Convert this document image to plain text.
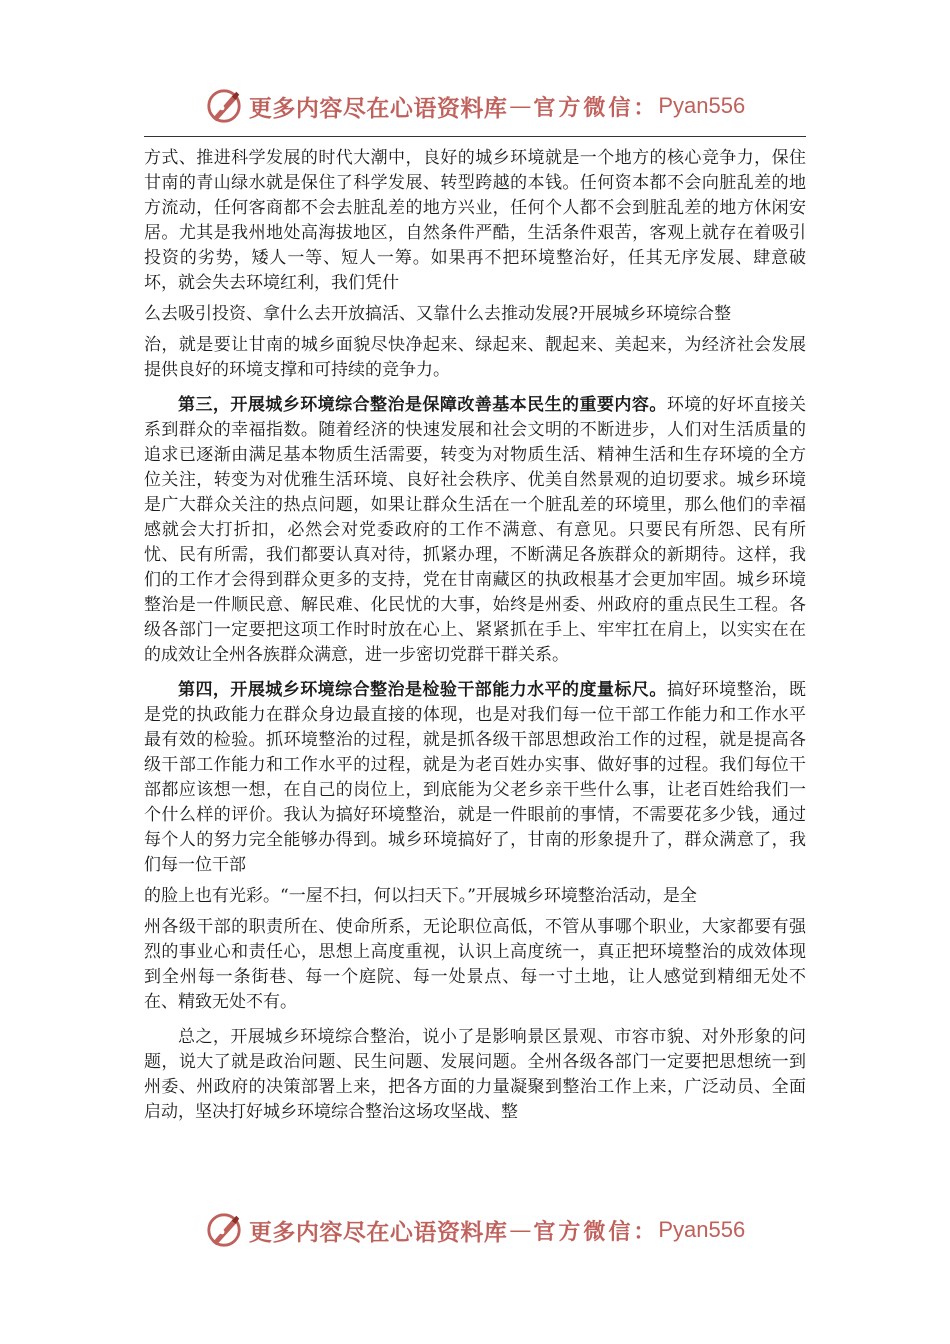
更多内容尽在心语资料库 — 官方微信： Pyan556

方式、推进科学发展的时代大潮中，良好的城乡环境就是一个地方的核心竞争力，保住甘南的青山绿水就是保住了科学发展、转型跨越的本钱。任何资本都不会向脏乱差的地方流动，任何客商都不会去脏乱差的地方兴业，任何个人都不会到脏乱差的地方休闲安居。尤其是我州地处高海拔地区，自然条件严酷，生活条件艰苦，客观上就存在着吸引投资的劣势，矮人一等、短人一筹。如果再不把环境整治好，任其无序发展、肆意破坏，就会失去环境红利，我们凭什

么去吸引投资、拿什么去开放搞活、又靠什么去推动发展?开展城乡环境综合整

治，就是要让甘南的城乡面貌尽快净起来、绿起来、靓起来、美起来，为经济社会发展提供良好的环境支撑和可持续的竞争力。

第三，开展城乡环境综合整治是保障改善基本民生的重要内容。环境的好坏直接关系到群众的幸福指数。随着经济的快速发展和社会文明的不断进步，人们对生活质量的追求已逐渐由满足基本物质生活需要，转变为对物质生活、精神生活和生存环境的全方位关注，转变为对优雅生活环境、良好社会秩序、优美自然景观的迫切要求。城乡环境是广大群众关注的热点问题，如果让群众生活在一个脏乱差的环境里，那么他们的幸福感就会大打折扣，必然会对党委政府的工作不满意、有意见。只要民有所怨、民有所忧、民有所需，我们都要认真对待，抓紧办理，不断满足各族群众的新期待。这样，我们的工作才会得到群众更多的支持，党在甘南藏区的执政根基才会更加牢固。城乡环境整治是一件顺民意、解民难、化民忧的大事，始终是州委、州政府的重点民生工程。各级各部门一定要把这项工作时时放在心上、紧紧抓在手上、牢牢扛在肩上，以实实在在的成效让全州各族群众满意，进一步密切党群干群关系。

第四，开展城乡环境综合整治是检验干部能力水平的度量标尺。搞好环境整治，既是党的执政能力在群众身边最直接的体现，也是对我们每一位干部工作能力和工作水平最有效的检验。抓环境整治的过程，就是抓各级干部思想政治工作的过程，就是提高各级干部工作能力和工作水平的过程，就是为老百姓办实事、做好事的过程。我们每位干部都应该想一想，在自己的岗位上，到底能为父老乡亲干些什么事，让老百姓给我们一个什么样的评价。我认为搞好环境整治，就是一件眼前的事情，不需要花多少钱，通过每个人的努力完全能够办得到。城乡环境搞好了，甘南的形象提升了，群众满意了，我们每一位干部

的脸上也有光彩。“一屋不扫，何以扫天下。”开展城乡环境整治活动，是全

州各级干部的职责所在、使命所系，无论职位高低，不管从事哪个职业，大家都要有强烈的事业心和责任心，思想上高度重视，认识上高度统一，真正把环境整治的成效体现到全州每一条街巷、每一个庭院、每一处景点、每一寸土地，让人感觉到精细无处不在、精致无处不有。

总之，开展城乡环境综合整治，说小了是影响景区景观、市容市貌、对外形象的问题，说大了就是政治问题、民生问题、发展问题。全州各级各部门一定要把思想统一到州委、州政府的决策部署上来，把各方面的力量凝聚到整治工作上来，广泛动员、全面启动，坚决打好城乡环境综合整治这场攻坚战、整

更多内容尽在心语资料库 — 官方微信： Pyan556
